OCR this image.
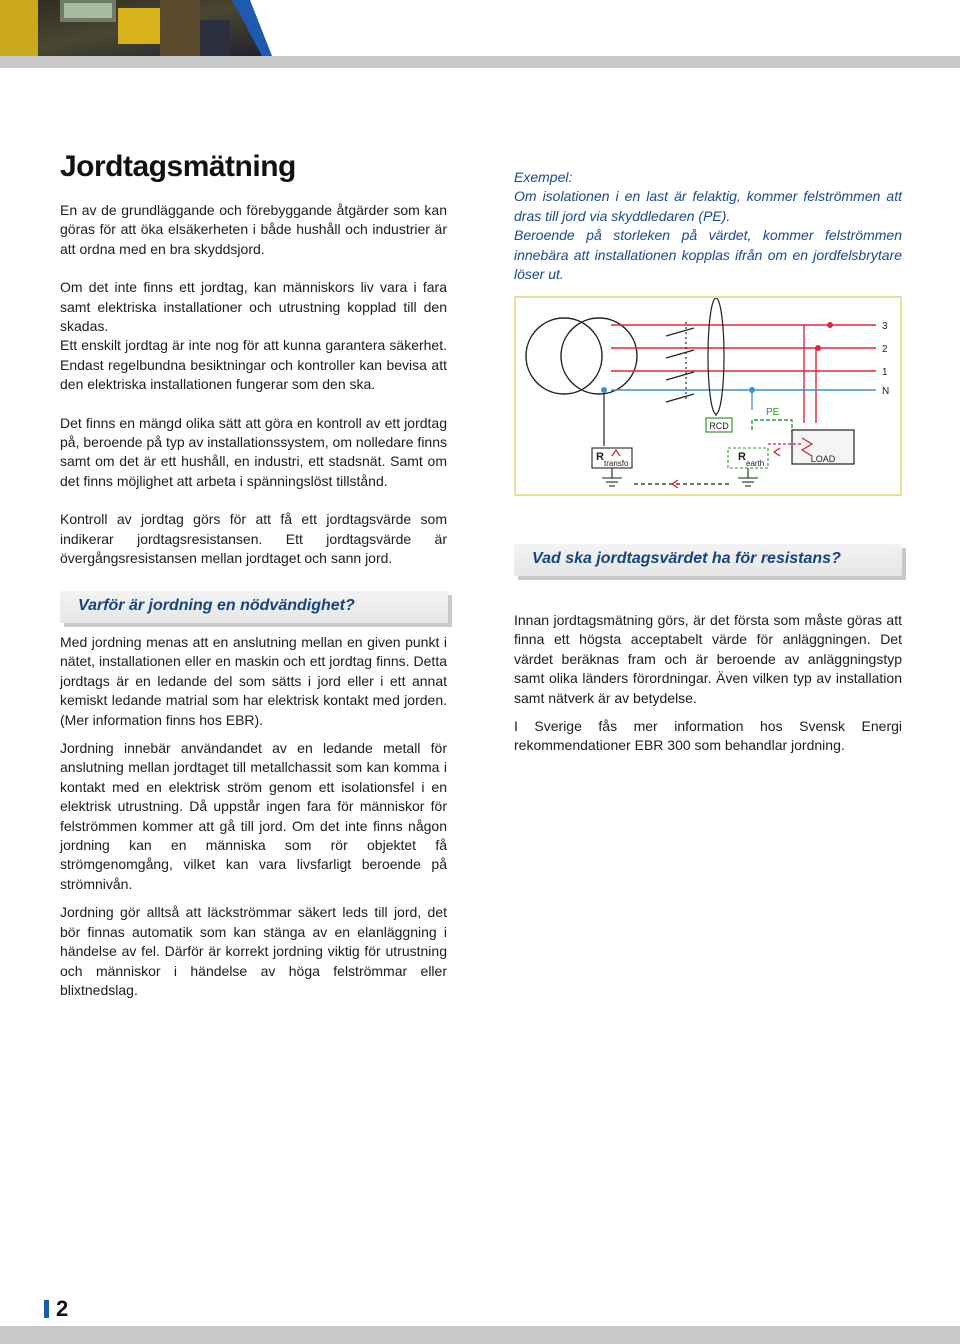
Jordtagsmätning

En av de grundläggande och förebyggande åtgärder som kan göras för att öka elsäkerheten i både hushåll och industrier är att ordna med en bra skyddsjord.

Om det inte finns ett jordtag, kan människors liv vara i fara samt elektriska installationer och utrustning kopplad till den skadas.

Ett enskilt jordtag är inte nog för att kunna garantera säkerhet. Endast regelbundna besiktningar och kontroller kan bevisa att den elektriska installationen fungerar som den ska.

Det finns en mängd olika sätt att göra en kontroll av ett jordtag på, beroende på typ av installationssystem, om nolledare finns samt om det är ett hushåll, en industri, ett stadsnät. Samt om det finns möjlighet att arbeta i spänningslöst tillstånd.

Kontroll av jordtag görs för att få ett jordtagsvärde som indikerar jordtagsresistansen. Ett jordtagsvärde är övergångsresistansen mellan jordtaget och sann jord.

Varför är jordning en nödvändighet?

Med jordning menas att en anslutning mellan en given punkt i nätet, installationen eller en maskin och ett jordtag finns. Detta jordtags är en ledande del som sätts i jord eller i ett annat kemiskt ledande matrial som har elektrisk kontakt med jorden. (Mer information finns hos EBR).

Jordning innebär användandet av en ledande metall för anslutning mellan jordtaget till metallchassit som kan komma i kontakt med en elektrisk ström genom ett isolationsfel i en elektrisk utrustning. Då uppstår ingen fara för människor för felströmmen kommer att gå till jord. Om det inte finns någon jordning kan en människa som rör objektet få strömgenomgång, vilket kan vara livsfarligt beroende på strömnivån.

Jordning gör alltså att läckströmmar säkert leds till jord, det bör finnas automatik som kan stänga av en elanläggning i händelse av fel. Därför är korrekt jordning viktig för utrustning och människor i händelse av höga felströmmar eller blixtnedslag.

Exempel:

Om isolationen i en last är felaktig, kommer felströmmen att dras till jord via skyddledaren (PE).

Beroende på storleken på värdet, kommer felströmmen innebära att installationen kopplas ifrån om en jordfelsbrytare löser ut.

RCD
3
2
1
N
PE
LOAD
R
transfo
R
earth
Vad ska jordtagsvärdet ha för resistans?

Innan jordtagsmätning görs, är det första som måste göras att finna ett högsta acceptabelt värde för anläggningen. Det värdet beräknas fram och är beroende av anläggningstyp samt olika länders förordningar. Även vilken typ av installation samt nätverk är av betydelse.

I Sverige fås mer information hos Svensk Energi rekommendationer EBR 300 som behandlar jordning.

2
